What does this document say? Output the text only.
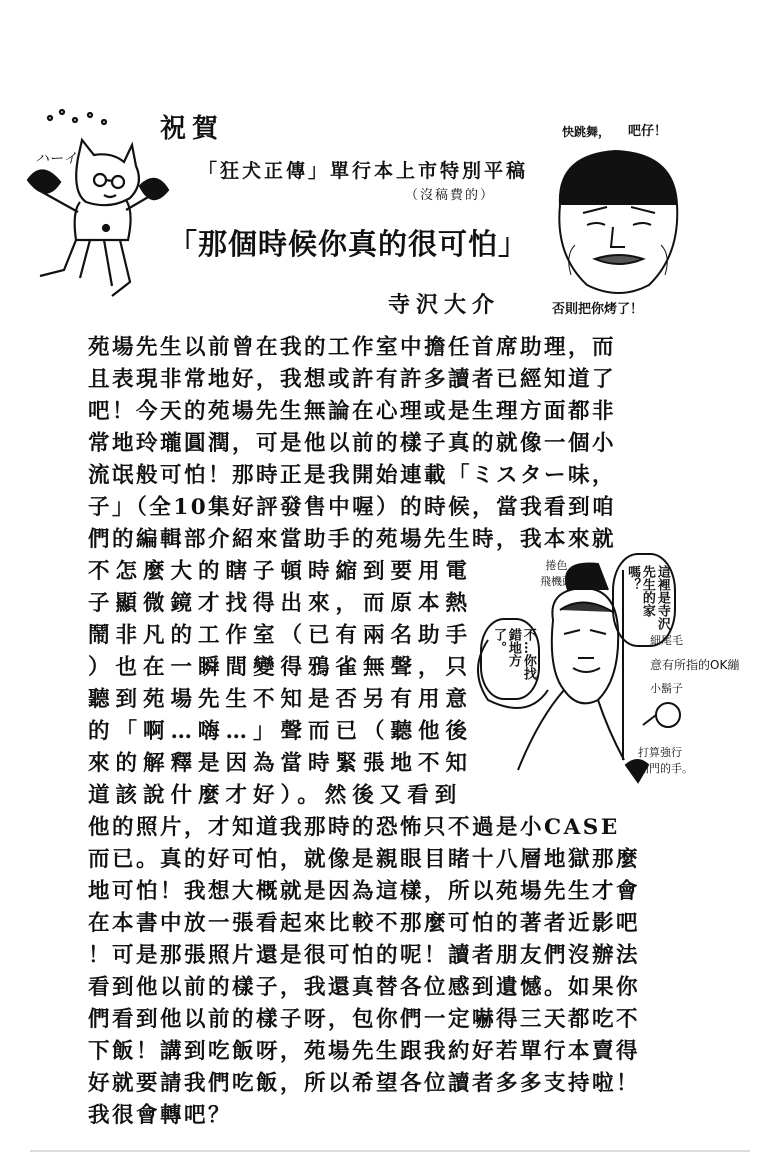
祝賀
「狂犬正傳」單行本上市特別平稿
（沒稿費的）
「那個時候你真的很可怕」
寺沢大介
ハーイ
快跳舞， 吧仔！
否則把你烤了！
苑場先生以前曾在我的工作室中擔任首席助理，而
且表現非常地好，我想或許有許多讀者已經知道了
吧！今天的苑場先生無論在心理或是生理方面都非
常地玲瓏圓潤，可是他以前的樣子真的就像一個小
流氓般可怕！那時正是我開始連載「ミスター味，
子」（全10集好評發售中喔）的時候，當我看到咱
們的編輯部介紹來當助手的苑場先生時，我本來就
不怎麼大的瞎子頓時縮到要用電
子顯微鏡才找得出來，而原本熱
鬧非凡的工作室（已有兩名助手
）也在一瞬間變得鴉雀無聲，只
聽到苑場先生不知是否另有用意
的「啊…嗨…」聲而已（聽他後
來的解釋是因為當時緊張地不知
道該說什麼才好）。然後又看到
他的照片，才知道我那時的恐怖只不過是小CASE
而已。真的好可怕，就像是親眼目睹十八層地獄那麼
地可怕！我想大概就是因為這樣，所以苑場先生才會
在本書中放一張看起來比較不那麼可怕的著者近影吧
！可是那張照片還是很可怕的呢！讀者朋友們沒辦法
看到他以前的樣子，我還真替各位感到遺憾。如果你
們看到他以前的樣子呀，包你們一定嚇得三天都吃不
下飯！講到吃飯呀，苑場先生跟我約好若單行本賣得
好就要請我們吃飯，所以希望各位讀者多多支持啦！
我很會轉吧？
這裡是寺沢先生的家嗎？
不…你找錯地方了。
捲色
飛機頭
細尾毛
意有所指的OK繃
小鬍子
打算強行
開門的手。
